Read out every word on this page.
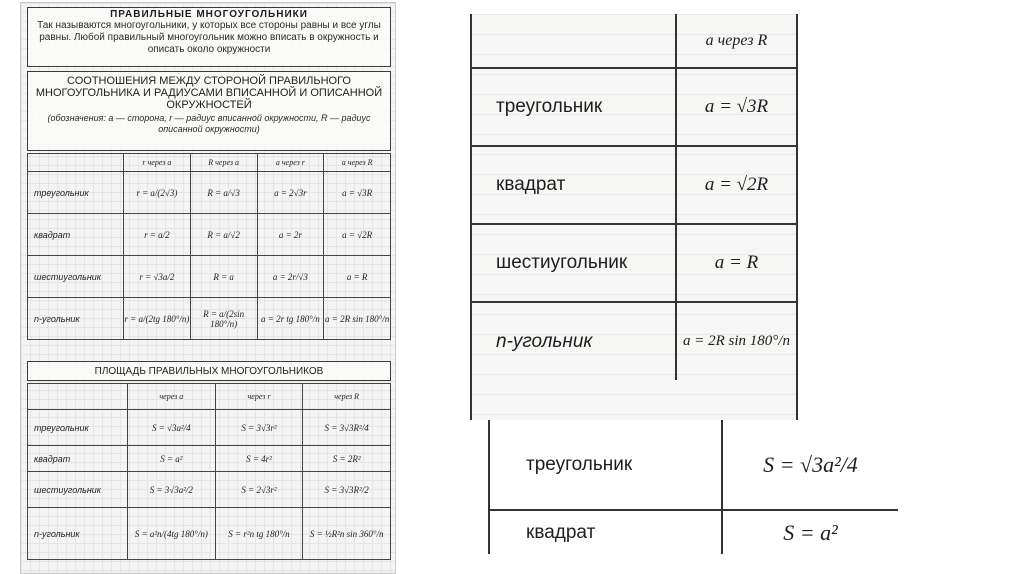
ПРАВИЛЬНЫЕ МНОГОУГОЛЬНИКИ
Так называются многоугольники, у которых все стороны равны и все углы равны. Любой правильный многоугольник можно вписать в окружность и описать около окружности
СООТНОШЕНИЯ МЕЖДУ СТОРОНОЙ ПРАВИЛЬНОГО МНОГОУГОЛЬНИКА И РАДИУСАМИ ВПИСАННОЙ И ОПИСАННОЙ ОКРУЖНОСТЕЙ
(обозначения: a — сторона, r — радиус вписанной окружности, R — радиус описанной окружности)
	r через a	R через a	a через r	a через R
треугольник	r = a/(2√3)	R = a/√3	a = 2√3r	a = √3R
квадрат	r = a/2	R = a/√2	a = 2r	a = √2R
шестиугольник	r = √3a/2	R = a	a = 2r/√3	a = R
n-угольник	r = a/(2tg 180°/n)	R = a/(2sin 180°/n)	a = 2r tg 180°/n	a = 2R sin 180°/n
ПЛОЩАДЬ ПРАВИЛЬНЫХ МНОГОУГОЛЬНИКОВ
	через a	через r	через R
треугольник	S = √3a²/4	S = 3√3r²	S = 3√3R²/4
квадрат	S = a²	S = 4r²	S = 2R²
шестиугольник	S = 3√3a²/2	S = 2√3r²	S = 3√3R²/2
n-угольник	S = a²n/(4tg 180°/n)	S = r²n tg 180°/n	S = ½R²n sin 360°/n
	a через R
треугольник	a = √3R
квадрат	a = √2R
шестиугольник	a = R
n-угольник	a = 2R sin 180°/n
треугольник	S = √3a²/4
квадрат	S = a²
